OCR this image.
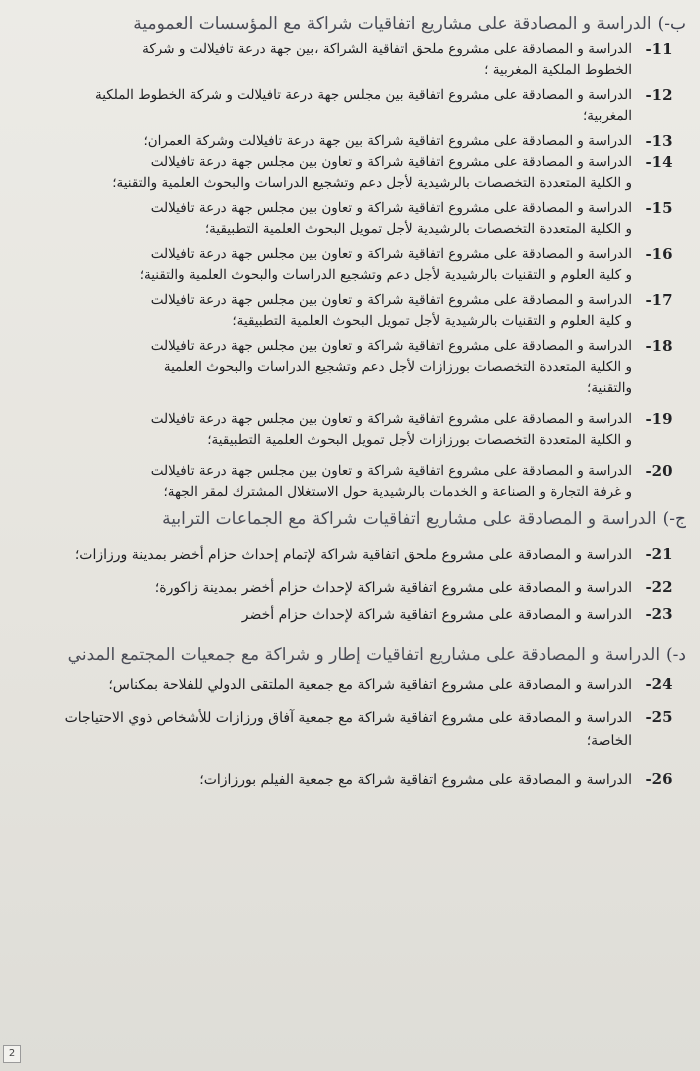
ب-)
الدراسة و المصادقة على مشاريع اتفاقيات شراكة مع المؤسسات العمومية
-11
الدراسة و المصادقة على مشروع ملحق اتفاقية الشراكة ،بين جهة درعة تافيلالت و شركة
الخطوط الملكية المغربية ؛
-12
الدراسة و المصادقة على مشروع اتفاقية بين مجلس جهة درعة تافيلالت و شركة الخطوط الملكية
المغربية؛
-13
الدراسة و المصادقة على مشروع اتفاقية شراكة بين جهة درعة تافيلالت وشركة العمران؛
-14
الدراسة و المصادقة على مشروع اتفاقية شراكة و تعاون بين مجلس جهة درعة تافيلالت
و الكلية المتعددة التخصصات بالرشيدية لأجل دعم وتشجيع الدراسات والبحوث العلمية والتقنية؛
-15
الدراسة و المصادقة على مشروع اتفاقية شراكة و تعاون بين مجلس جهة درعة تافيلالت
و الكلية المتعددة التخصصات بالرشيدية لأجل تمويل البحوث العلمية التطبيقية؛
-16
الدراسة و المصادقة على مشروع اتفاقية شراكة و تعاون بين مجلس جهة درعة تافيلالت
و كلية العلوم و التقنيات بالرشيدية لأجل دعم وتشجيع الدراسات والبحوث العلمية والتقنية؛
-17
الدراسة و المصادقة على مشروع اتفاقية شراكة و تعاون بين مجلس جهة درعة تافيلالت
و كلية العلوم و التقنيات بالرشيدية لأجل تمويل البحوث العلمية التطبيقية؛
-18
الدراسة و المصادقة على مشروع اتفاقية شراكة و تعاون بين مجلس جهة درعة تافيلالت
و الكلية المتعددة التخصصات بورزازات لأجل دعم وتشجيع الدراسات والبحوث العلمية
والتقنية؛
-19
الدراسة و المصادقة على مشروع اتفاقية شراكة و تعاون بين مجلس جهة درعة تافيلالت
و الكلية المتعددة التخصصات بورزازات لأجل تمويل البحوث العلمية التطبيقية؛
-20
الدراسة و المصادقة على مشروع اتفاقية شراكة و تعاون بين مجلس جهة درعة تافيلالت
و غرفة التجارة و الصناعة و الخدمات بالرشيدية حول الاستغلال المشترك لمقر الجهة؛
ج-)
الدراسة و المصادقة على مشاريع اتفاقيات شراكة مع الجماعات الترابية
-21
الدراسة و المصادقة على مشروع ملحق اتفاقية شراكة لإتمام إحداث حزام أخضر بمدينة ورزازات؛
-22
الدراسة و المصادقة على مشروع اتفاقية شراكة لإحداث حزام أخضر بمدينة زاكورة؛
-23
الدراسة و المصادقة على مشروع اتفاقية شراكة لإحداث حزام أخضر
د-)
الدراسة و المصادقة على مشاريع اتفاقيات إطار و شراكة مع جمعيات المجتمع المدني
-24
الدراسة و المصادقة على مشروع اتفاقية شراكة مع جمعية الملتقى الدولي للفلاحة بمكناس؛
-25
الدراسة و المصادقة على مشروع اتفاقية شراكة مع جمعية آفاق ورزازات للأشخاص ذوي الاحتياجات
الخاصة؛
-26
الدراسة و المصادقة على مشروع اتفاقية شراكة مع جمعية الفيلم بورزازات؛
2
